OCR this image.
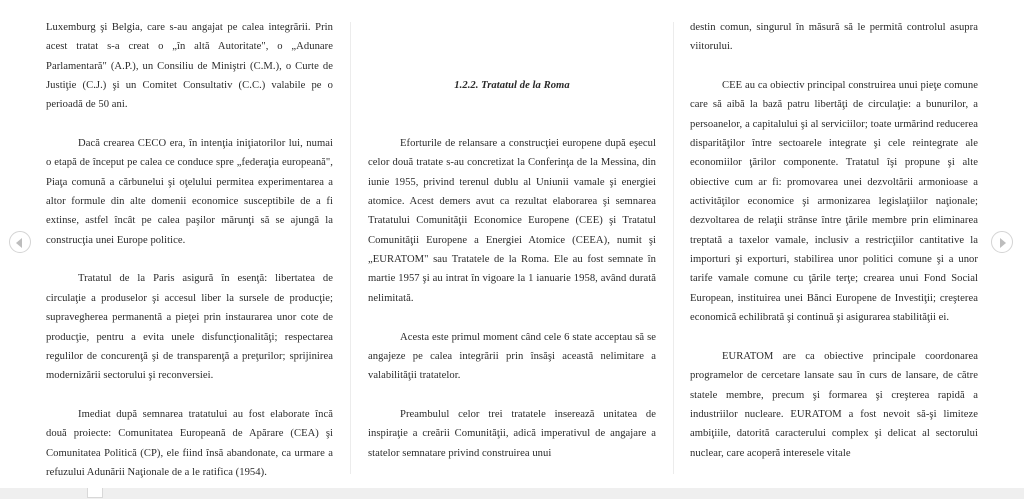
Luxemburg şi Belgia, care s-au angajat pe calea integrării. Prin acest tratat s-a creat o „în altă Autoritate", o „Adunare Parlamentară" (A.P.), un Consiliu de Miniştri (C.M.), o Curte de Justiţie (C.J.) şi un Comitet Consultativ (C.C.) valabile pe o perioadă de 50 ani.

Dacă crearea CECO era, în intenţia iniţiatorilor lui, numai o etapă de început pe calea ce conduce spre „federaţia europeană", Piaţa comună a cărbunelui şi oţelului permitea experimentarea a altor formule din alte domenii economice susceptibile de a fi extinse, astfel încât pe calea paşilor mărunţi să se ajungă la construcţia unei Europe politice.

Tratatul de la Paris asigură în esenţă: libertatea de circulaţie a produselor şi accesul liber la sursele de producţie; supravegherea permanentă a pieţei prin instaurarea unor cote de producţie, pentru a evita unele disfuncţionalităţi; respectarea regulilor de concurenţă şi de transparenţă a preţurilor; sprijinirea modernizării sectorului şi reconversiei.

Imediat după semnarea tratatului au fost elaborate încă două proiecte: Comunitatea Europeană de Apărare (CEA) şi Comunitatea Politică (CP), ele fiind însă abandonate, ca urmare a refuzului Adunării Naţionale de a le ratifica (1954).

1.2.2. Tratatul de la Roma

Eforturile de relansare a construcţiei europene după eşecul celor două tratate s-au concretizat la Conferinţa de la Messina, din iunie 1955, privind terenul dublu al Uniunii vamale şi energiei atomice. Acest demers avut ca rezultat elaborarea şi semnarea Tratatului Comunităţii Economice Europene (CEE) şi Tratatul Comunităţii Europene a Energiei Atomice (CEEA), numit şi „EURATOM" sau Tratatele de la Roma. Ele au fost semnate în martie 1957 şi au intrat în vigoare la 1 ianuarie 1958, având durată nelimitată.

Acesta este primul moment când cele 6 state acceptau să se angajeze pe calea integrării prin însăşi această nelimitare a valabilităţii tratatelor.

Preambulul celor trei tratatele inserează unitatea de inspiraţie a creării Comunităţii, adică imperativul de angajare a statelor semnatare privind construirea unui

destin comun, singurul în măsură să le permită controlul asupra viitorului.

CEE au ca obiectiv principal construirea unui pieţe comune care să aibă la bază patru libertăţi de circulaţie: a bunurilor, a persoanelor, a capitalului şi al serviciilor; toate urmărind reducerea disparităţilor între sectoarele integrate şi cele reintegrate ale economiilor ţărilor componente. Tratatul îşi propune şi alte obiective cum ar fi: promovarea unei dezvoltării armonioase a activităţilor economice şi armonizarea legislaţiilor naţionale; dezvoltarea de relaţii strânse între ţările membre prin eliminarea treptată a taxelor vamale, inclusiv a restricţiilor cantitative la importuri şi exporturi, stabilirea unor politici comune şi a unor tarife vamale comune cu ţările terţe; crearea unui Fond Social European, instituirea unei Bănci Europene de Investiţii; creşterea economică echilibrată şi continuă şi asigurarea stabilităţii ei.

EURATOM are ca obiective principale coordonarea programelor de cercetare lansate sau în curs de lansare, de către statele membre, precum şi formarea şi creşterea rapidă a industriilor nucleare. EURATOM a fost nevoit să-şi limiteze ambiţiile, datorită caracterului complex şi delicat al sectorului nuclear, care acoperă interesele vitale
